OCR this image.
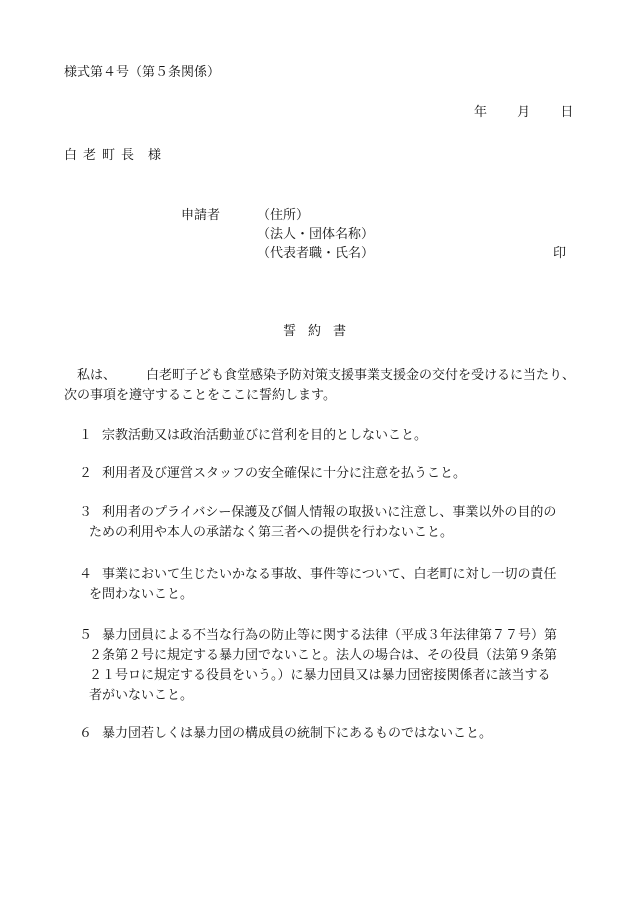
様式第４号（第５条関係）
年 月 日
白老町長 様
申請者	（住所）
（法人・団体名称）
（代表者職・氏名）	印
誓約書
私は、 白老町子ども食堂感染予防対策支援事業支援金の交付を受けるに当たり、
次の事項を遵守することをここに誓約します。
１ 宗教活動又は政治活動並びに営利を目的としないこと。
２ 利用者及び運営スタッフの安全確保に十分に注意を払うこと。
３ 利用者のプライバシー保護及び個人情報の取扱いに注意し、事業以外の目的の
ための利用や本人の承諾なく第三者への提供を行わないこと。
４ 事業において生じたいかなる事故、事件等について、白老町に対し一切の責任
を問わないこと。
５ 暴力団員による不当な行為の防止等に関する法律（平成３年法律第７７号）第
２条第２号に規定する暴力団でないこと。法人の場合は、その役員（法第９条第
２１号ロに規定する役員をいう。）に暴力団員又は暴力団密接関係者に該当する
者がいないこと。
６ 暴力団若しくは暴力団の構成員の統制下にあるものではないこと。
